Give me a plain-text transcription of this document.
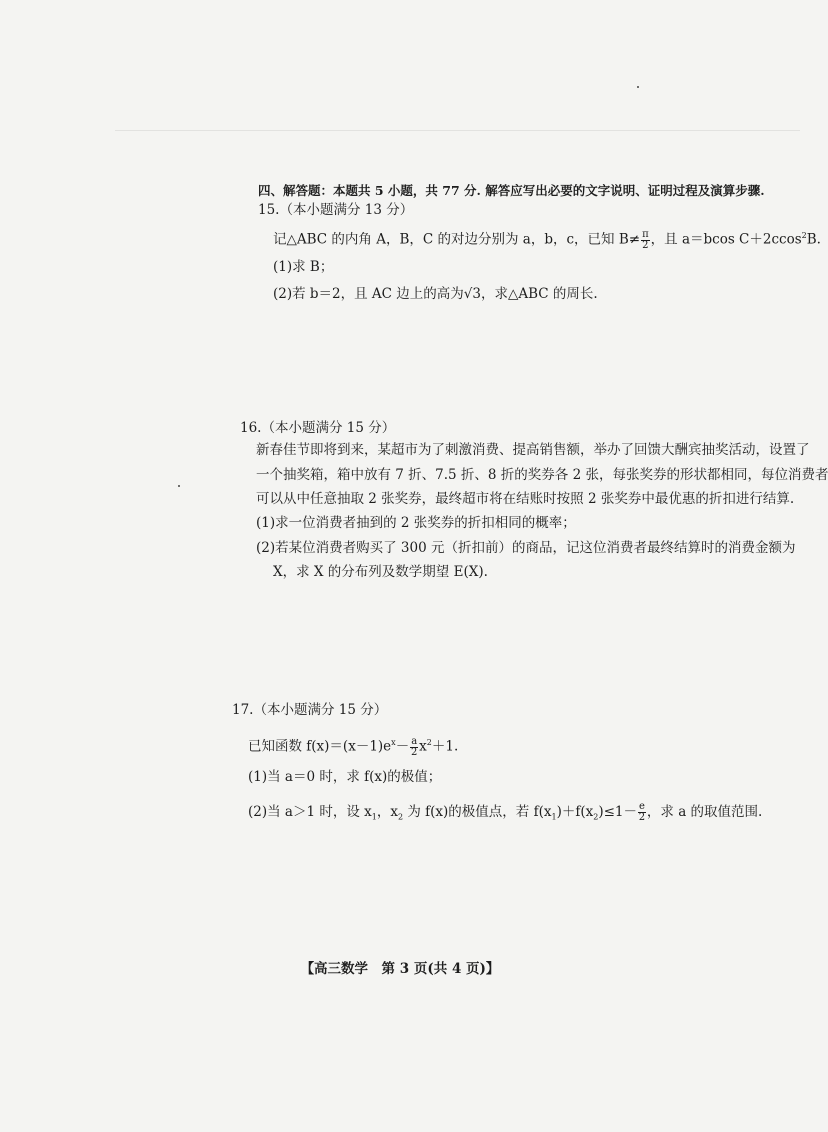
四、解答题：本题共 5 小题，共 77 分. 解答应写出必要的文字说明、证明过程及演算步骤.
15.（本小题满分 13 分）
记△ABC 的内角 A，B，C 的对边分别为 a，b，c，已知 $B\ne \frac{\pi}{2}$ ，且 a＝bcos C＋2ccos$^2$B.
(1)求 B；
(2)若 b＝2，且 AC 边上的高为√3，求△ABC 的周长.
16.（本小题满分 15 分）
新春佳节即将到来，某超市为了刺激消费、提高销售额，举办了回馈大酬宾抽奖活动，设置了
一个抽奖箱，箱中放有 7 折、7.5 折、8 折的奖券各 2 张，每张奖券的形状都相同，每位消费者
可以从中任意抽取 2 张奖券，最终超市将在结账时按照 2 张奖券中最优惠的折扣进行结算.
(1)求一位消费者抽到的 2 张奖券的折扣相同的概率；
(2)若某位消费者购买了 300 元（折扣前）的商品，记这位消费者最终结算时的消费金额为
X，求 X 的分布列及数学期望 E(X).
17.（本小题满分 15 分）
已知函数 $f(x)=(x-1)e^x- \frac{a}{2} x^2+1$.
(1)当 a＝0 时，求 f(x)的极值；
(2)当 a＞1 时，设 $x_1$，$x_2$ 为 f(x)的极值点，若 $f(x_1)+f(x_2)\le 1- \frac{e}{2}$ ，求 a 的取值范围.
【高三数学　第 3 页(共 4 页)】
